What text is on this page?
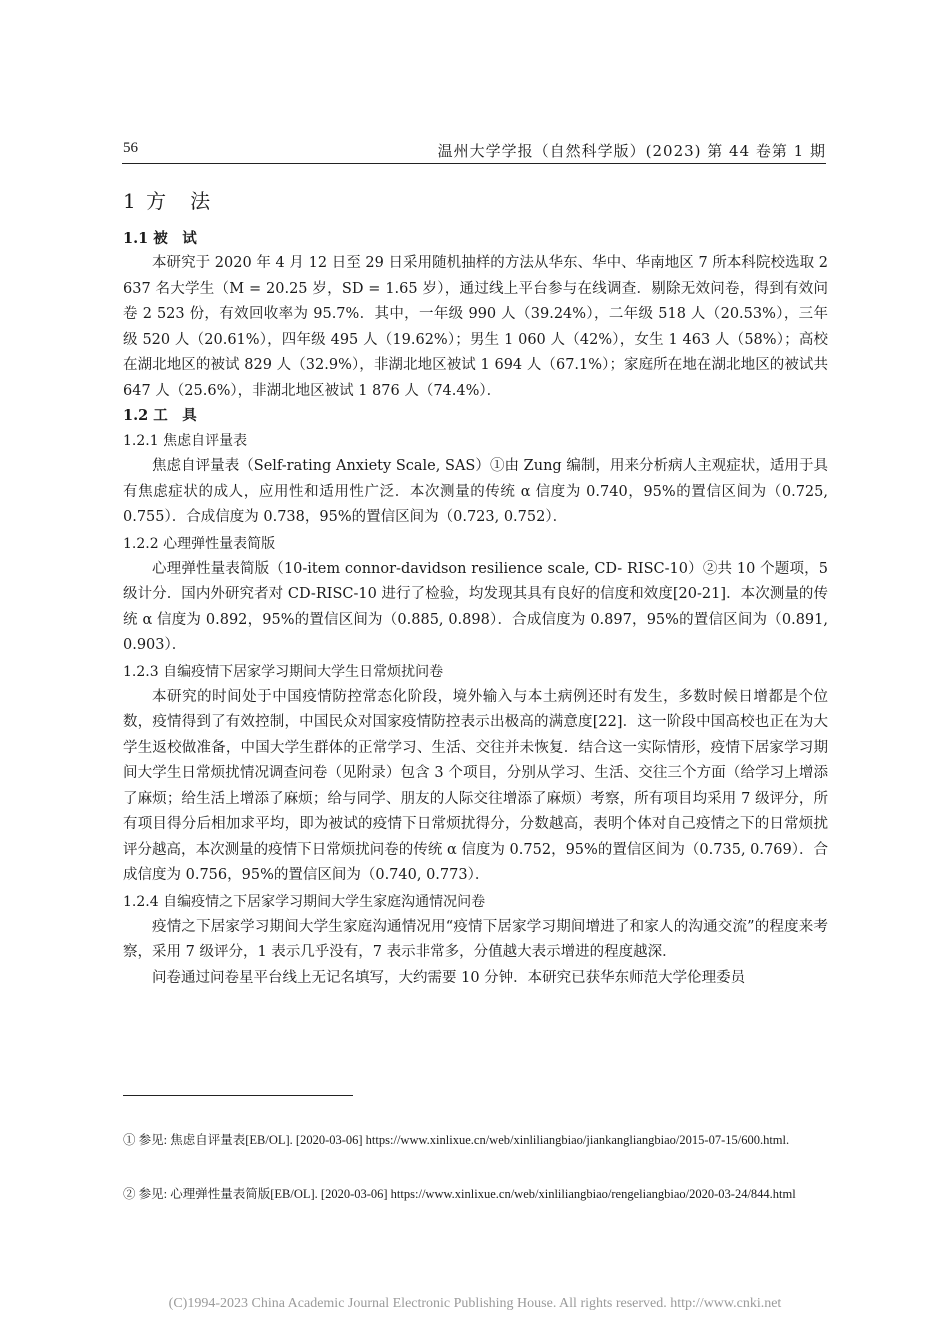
56	温州大学学报（自然科学版）(2023) 第 44 卷第 1 期
1 方　法
1.1 被　试

本研究于 2020 年 4 月 12 日至 29 日采用随机抽样的方法从华东、华中、华南地区 7 所本科院校选取 2 637 名大学生（M = 20.25 岁，SD = 1.65 岁），通过线上平台参与在线调查．剔除无效问卷，得到有效问卷 2 523 份，有效回收率为 95.7%．其中，一年级 990 人（39.24%），二年级 518 人（20.53%），三年级 520 人（20.61%），四年级 495 人（19.62%）；男生 1 060 人（42%），女生 1 463 人（58%）；高校在湖北地区的被试 829 人（32.9%），非湖北地区被试 1 694 人（67.1%）；家庭所在地在湖北地区的被试共 647 人（25.6%），非湖北地区被试 1 876 人（74.4%）．

1.2 工　具
1.2.1 焦虑自评量表

焦虑自评量表（Self-rating Anxiety Scale, SAS）①由 Zung 编制，用来分析病人主观症状，适用于具有焦虑症状的成人，应用性和适用性广泛．本次测量的传统 α 信度为 0.740，95%的置信区间为（0.725, 0.755）．合成信度为 0.738，95%的置信区间为（0.723, 0.752）．

1.2.2 心理弹性量表简版

心理弹性量表简版（10-item connor-davidson resilience scale, CD- RISC-10）②共 10 个题项，5 级计分．国内外研究者对 CD-RISC-10 进行了检验，均发现其具有良好的信度和效度[20-21]．本次测量的传统 α 信度为 0.892，95%的置信区间为（0.885, 0.898）．合成信度为 0.897，95%的置信区间为（0.891, 0.903）．

1.2.3 自编疫情下居家学习期间大学生日常烦扰问卷

本研究的时间处于中国疫情防控常态化阶段，境外输入与本土病例还时有发生，多数时候日增都是个位数，疫情得到了有效控制，中国民众对国家疫情防控表示出极高的满意度[22]．这一阶段中国高校也正在为大学生返校做准备，中国大学生群体的正常学习、生活、交往并未恢复．结合这一实际情形，疫情下居家学习期间大学生日常烦扰情况调查问卷（见附录）包含 3 个项目，分别从学习、生活、交往三个方面（给学习上增添了麻烦；给生活上增添了麻烦；给与同学、朋友的人际交往增添了麻烦）考察，所有项目均采用 7 级评分，所有项目得分后相加求平均，即为被试的疫情下日常烦扰得分，分数越高，表明个体对自己疫情之下的日常烦扰评分越高，本次测量的疫情下日常烦扰问卷的传统 α 信度为 0.752，95%的置信区间为（0.735, 0.769）．合成信度为 0.756，95%的置信区间为（0.740, 0.773）．

1.2.4 自编疫情之下居家学习期间大学生家庭沟通情况问卷

疫情之下居家学习期间大学生家庭沟通情况用“疫情下居家学习期间增进了和家人的沟通交流”的程度来考察，采用 7 级评分，1 表示几乎没有，7 表示非常多，分值越大表示增进的程度越深．

问卷通过问卷星平台线上无记名填写，大约需要 10 分钟．本研究已获华东师范大学伦理委员

① 参见: 焦虑自评量表[EB/OL]. [2020-03-06] https://www.xinlixue.cn/web/xinliliangbiao/jiankangliangbiao/2015-07-15/600.html.
② 参见: 心理弹性量表简版[EB/OL]. [2020-03-06] https://www.xinlixue.cn/web/xinliliangbiao/rengeliangbiao/2020-03-24/844.html
(C)1994-2023 China Academic Journal Electronic Publishing House. All rights reserved. http://www.cnki.net
